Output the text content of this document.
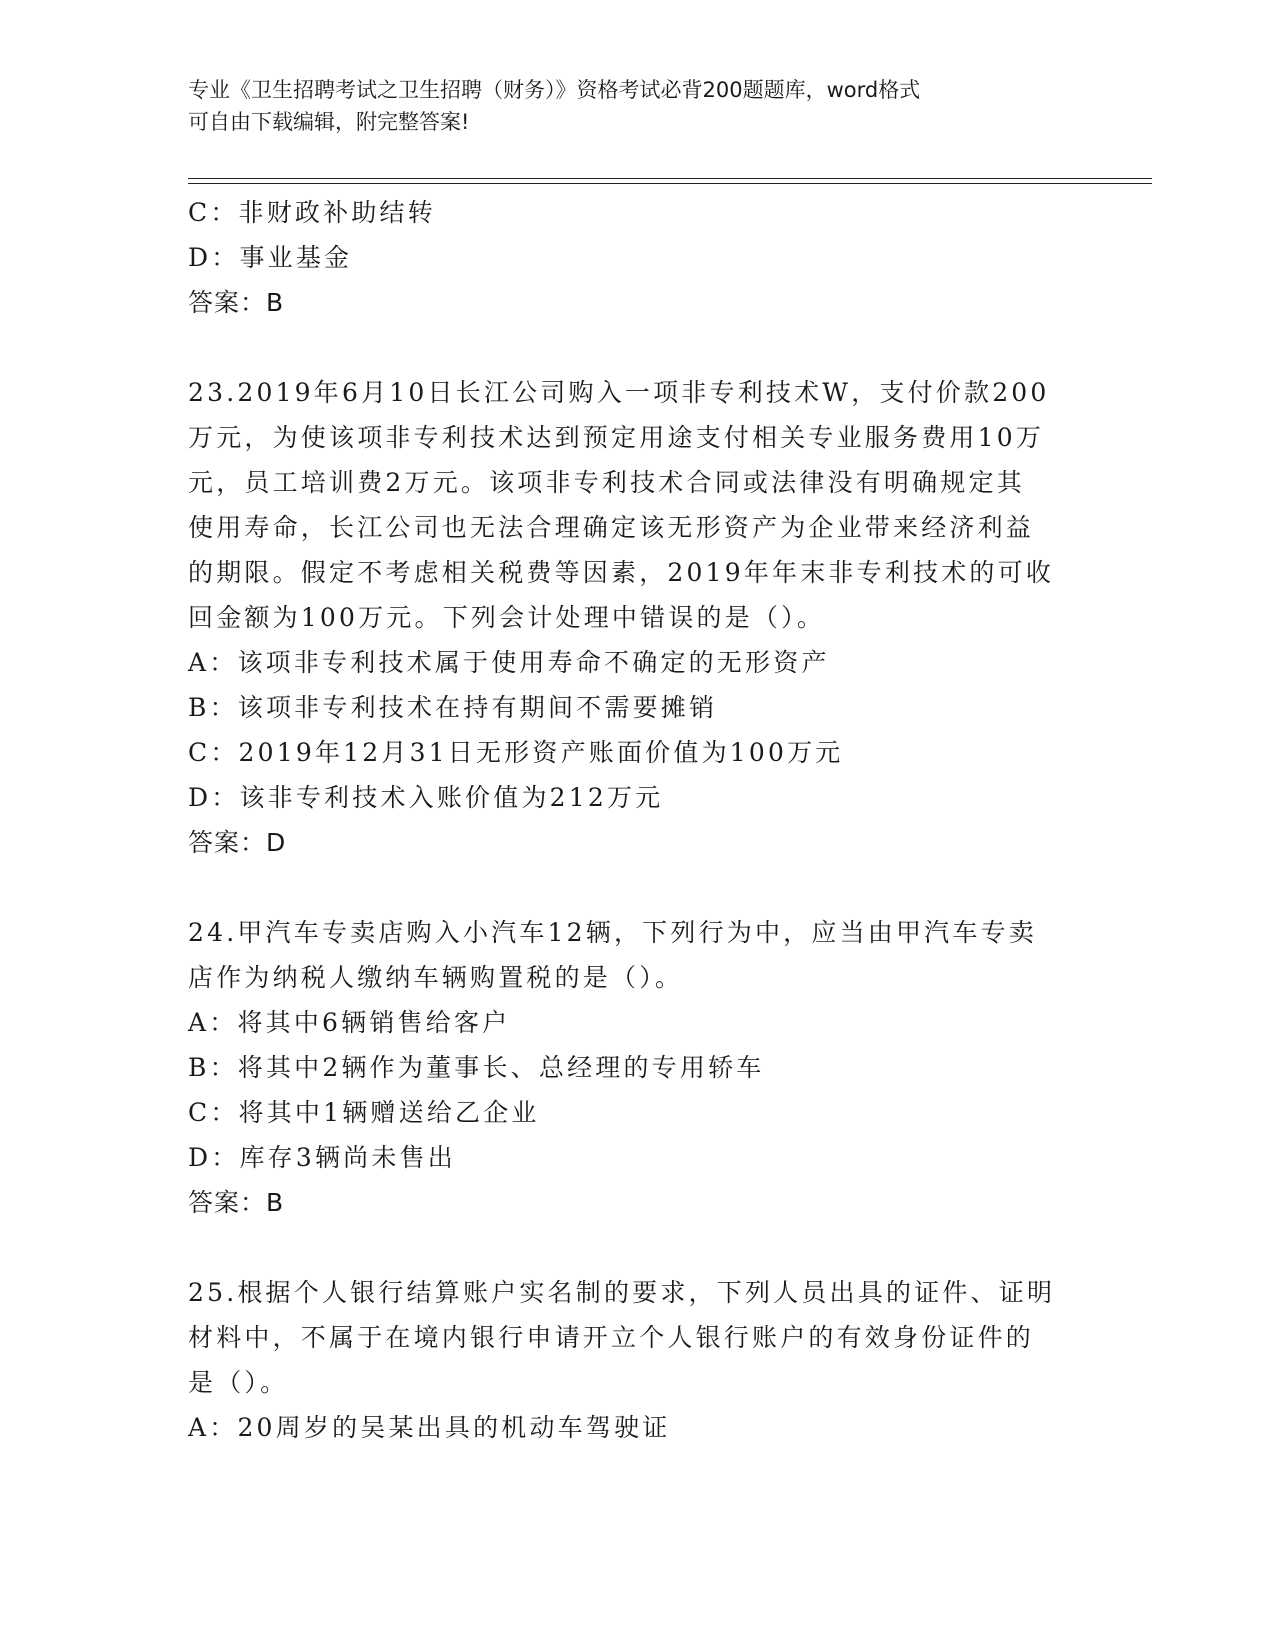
专业《卫生招聘考试之卫生招聘（财务）》资格考试必背200题题库，word格式
可自由下载编辑，附完整答案!
C：非财政补助结转
D：事业基金
答案：B
23.2019年6月10日长江公司购入一项非专利技术W，支付价款200
万元，为使该项非专利技术达到预定用途支付相关专业服务费用10万
元，员工培训费2万元。该项非专利技术合同或法律没有明确规定其
使用寿命，长江公司也无法合理确定该无形资产为企业带来经济利益
的期限。假定不考虑相关税费等因素，2019年年末非专利技术的可收
回金额为100万元。下列会计处理中错误的是（）。
A：该项非专利技术属于使用寿命不确定的无形资产
B：该项非专利技术在持有期间不需要摊销
C：2019年12月31日无形资产账面价值为100万元
D：该非专利技术入账价值为212万元
答案：D
24.甲汽车专卖店购入小汽车12辆，下列行为中，应当由甲汽车专卖
店作为纳税人缴纳车辆购置税的是（）。
A：将其中6辆销售给客户
B：将其中2辆作为董事长、总经理的专用轿车
C：将其中1辆赠送给乙企业
D：库存3辆尚未售出
答案：B
25.根据个人银行结算账户实名制的要求，下列人员出具的证件、证明
材料中，不属于在境内银行申请开立个人银行账户的有效身份证件的
是（）。
A：20周岁的吴某出具的机动车驾驶证
